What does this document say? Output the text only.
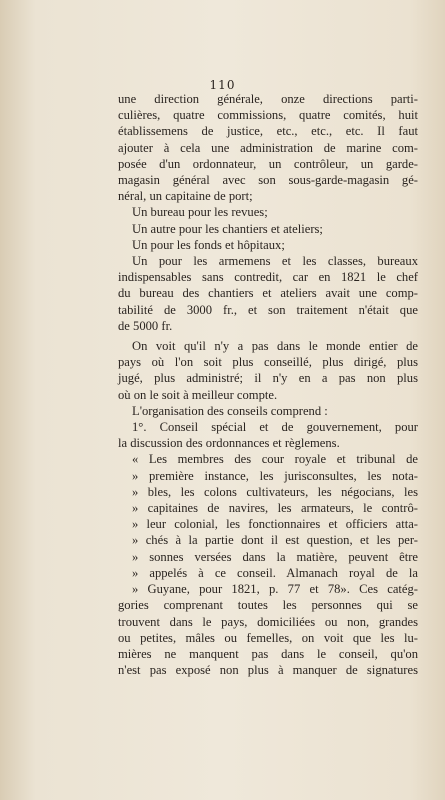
110
une direction générale, onze directions parti-
culières, quatre commissions, quatre comités, huit
établissemens de justice, etc., etc., etc. Il faut
ajouter à cela une administration de marine com-
posée d'un ordonnateur, un contrôleur, un garde-
magasin général avec son sous-garde-magasin gé-
néral, un capitaine de port;
Un bureau pour les revues;
Un autre pour les chantiers et ateliers;
Un pour les fonds et hôpitaux;
Un pour les armemens et les classes, bureaux
indispensables sans contredit, car en 1821 le chef
du bureau des chantiers et ateliers avait une comp-
tabilité de 3000 fr., et son traitement n'était que
de 5000 fr.
On voit qu'il n'y a pas dans le monde entier de
pays où l'on soit plus conseillé, plus dirigé, plus
jugé, plus administré; il n'y en a pas non plus
où on le soit à meilleur compte.
L'organisation des conseils comprend :
1°. Conseil spécial et de gouvernement, pour
la discussion des ordonnances et règlemens.
« Les membres des cour royale et tribunal de
» première instance, les jurisconsultes, les nota-
» bles, les colons cultivateurs, les négocians, les
» capitaines de navires, les armateurs, le contrô-
» leur colonial, les fonctionnaires et officiers atta-
» chés à la partie dont il est question, et les per-
» sonnes versées dans la matière, peuvent être
» appelés à ce conseil. Almanach royal de la
» Guyane, pour 1821, p. 77 et 78». Ces catég-
gories comprenant toutes les personnes qui se
trouvent dans le pays, domiciliées ou non, grandes
ou petites, mâles ou femelles, on voit que les lu-
mières ne manquent pas dans le conseil, qu'on
n'est pas exposé non plus à manquer de signatures
